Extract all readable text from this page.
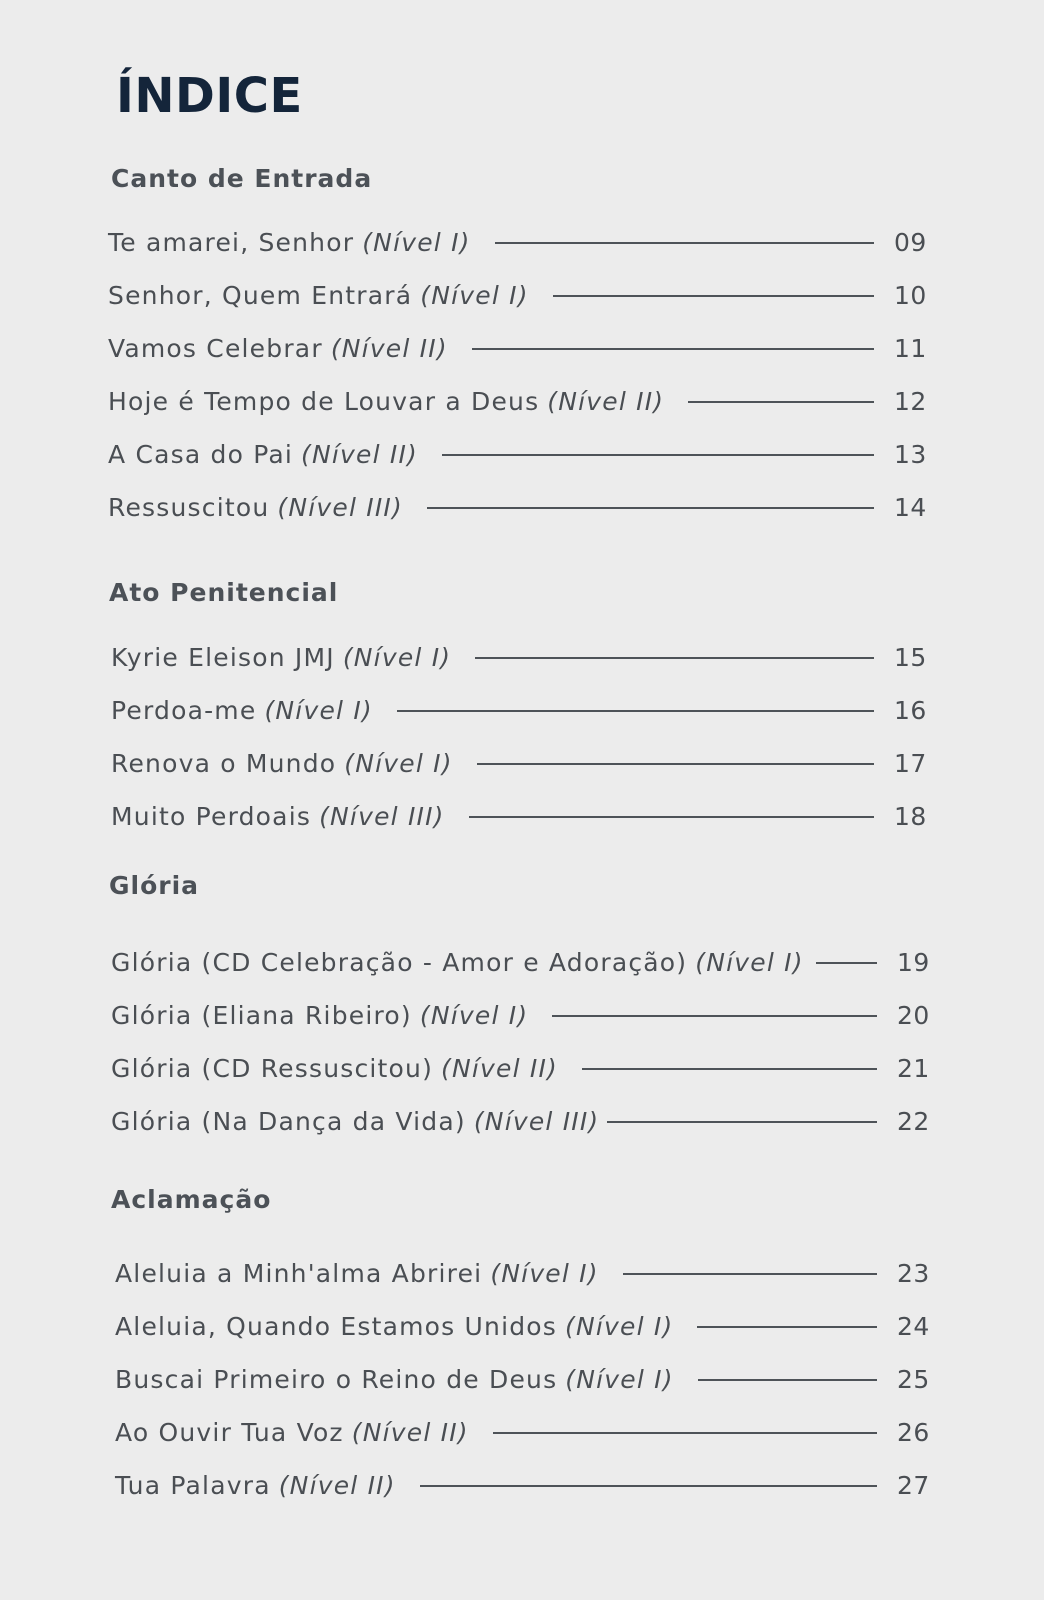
ÍNDICE
Canto de Entrada
Te amarei, Senhor (Nível I)	09
Senhor, Quem Entrará (Nível I)	10
Vamos Celebrar (Nível II)	11
Hoje é Tempo de Louvar a Deus (Nível II)	12
A Casa do Pai (Nível II)	13
Ressuscitou (Nível III)	14
Ato Penitencial
Kyrie Eleison JMJ (Nível I)	15
Perdoa-me (Nível I)	16
Renova o Mundo (Nível I)	17
Muito Perdoais (Nível III)	18
Glória
Glória (CD Celebração - Amor e Adoração) (Nível I)	19
Glória (Eliana Ribeiro) (Nível I)	20
Glória (CD Ressuscitou) (Nível II)	21
Glória (Na Dança da Vida) (Nível III)	22
Aclamação
Aleluia a Minh'alma Abrirei (Nível I)	23
Aleluia, Quando Estamos Unidos (Nível I)	24
Buscai Primeiro o Reino de Deus (Nível I)	25
Ao Ouvir Tua Voz (Nível II)	26
Tua Palavra (Nível II)	27
